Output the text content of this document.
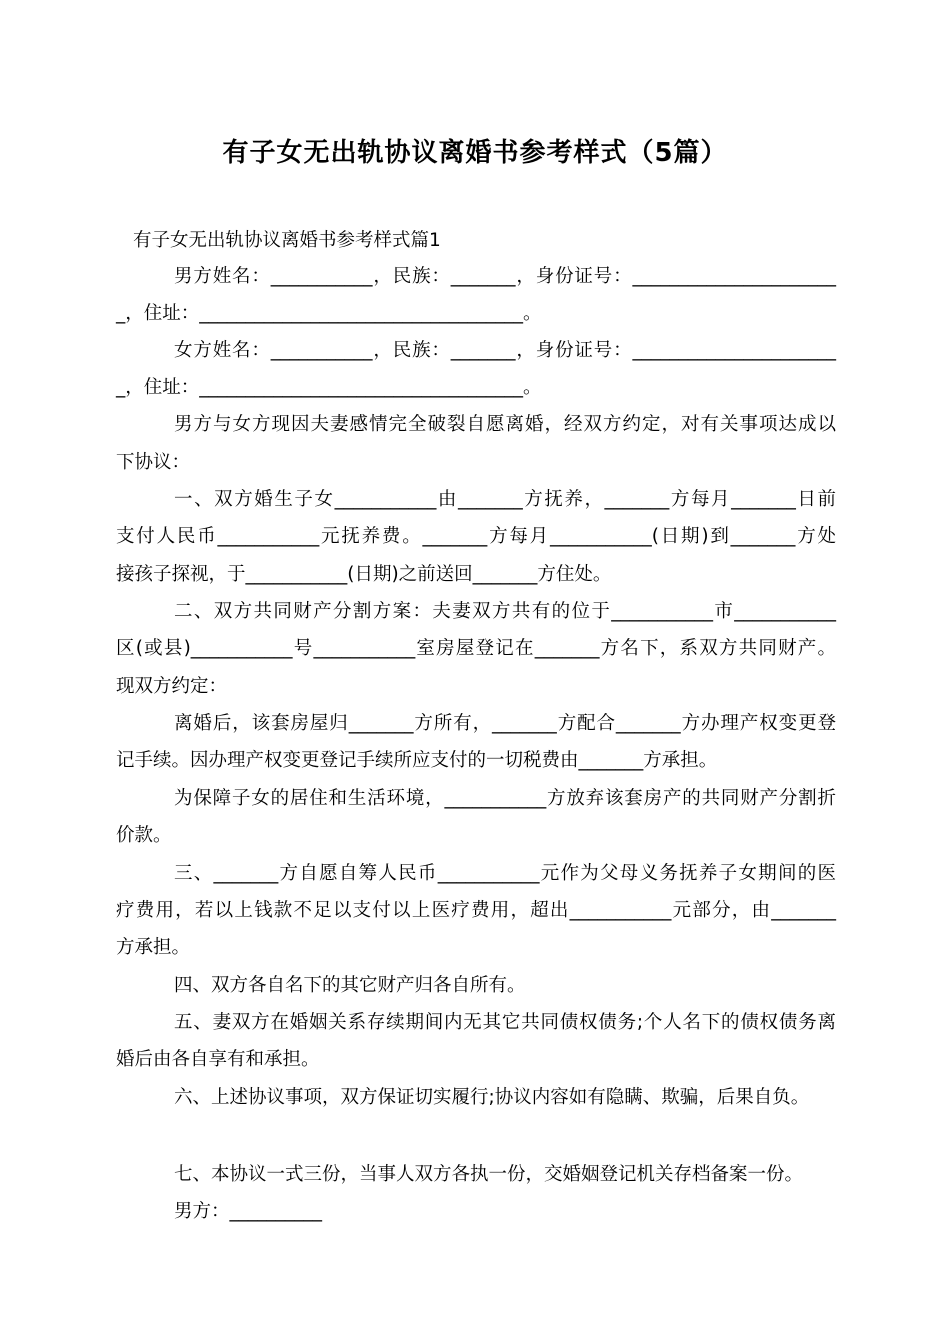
有子女无出轨协议离婚书参考样式（5篇）
有子女无出轨协议离婚书参考样式篇1
男方姓名：___________，民族：_______，身份证号：______________________
_，住址：___________________________________。
女方姓名：___________，民族：_______，身份证号：______________________
_，住址：___________________________________。
男方与女方现因夫妻感情完全破裂自愿离婚，经双方约定，对有关事项达成以
下协议：
一、双方婚生子女___________由_______方抚养，_______方每月_______日前
支付人民币___________元抚养费。_______方每月___________(日期)到_______方处
接孩子探视，于___________(日期)之前送回_______方住处。
二、双方共同财产分割方案：夫妻双方共有的位于___________市___________
区(或县)___________号___________室房屋登记在_______方名下，系双方共同财产。
现双方约定：
离婚后，该套房屋归_______方所有，_______方配合_______方办理产权变更登
记手续。因办理产权变更登记手续所应支付的一切税费由_______方承担。
为保障子女的居住和生活环境，___________方放弃该套房产的共同财产分割折
价款。
三、_______方自愿自筹人民币___________元作为父母义务抚养子女期间的医
疗费用，若以上钱款不足以支付以上医疗费用，超出___________元部分，由_______
方承担。
四、双方各自名下的其它财产归各自所有。
五、妻双方在婚姻关系存续期间内无其它共同债权债务;个人名下的债权债务离
婚后由各自享有和承担。
六、上述协议事项，双方保证切实履行;协议内容如有隐瞒、欺骗，后果自负。
七、本协议一式三份，当事人双方各执一份，交婚姻登记机关存档备案一份。
男方：__________
